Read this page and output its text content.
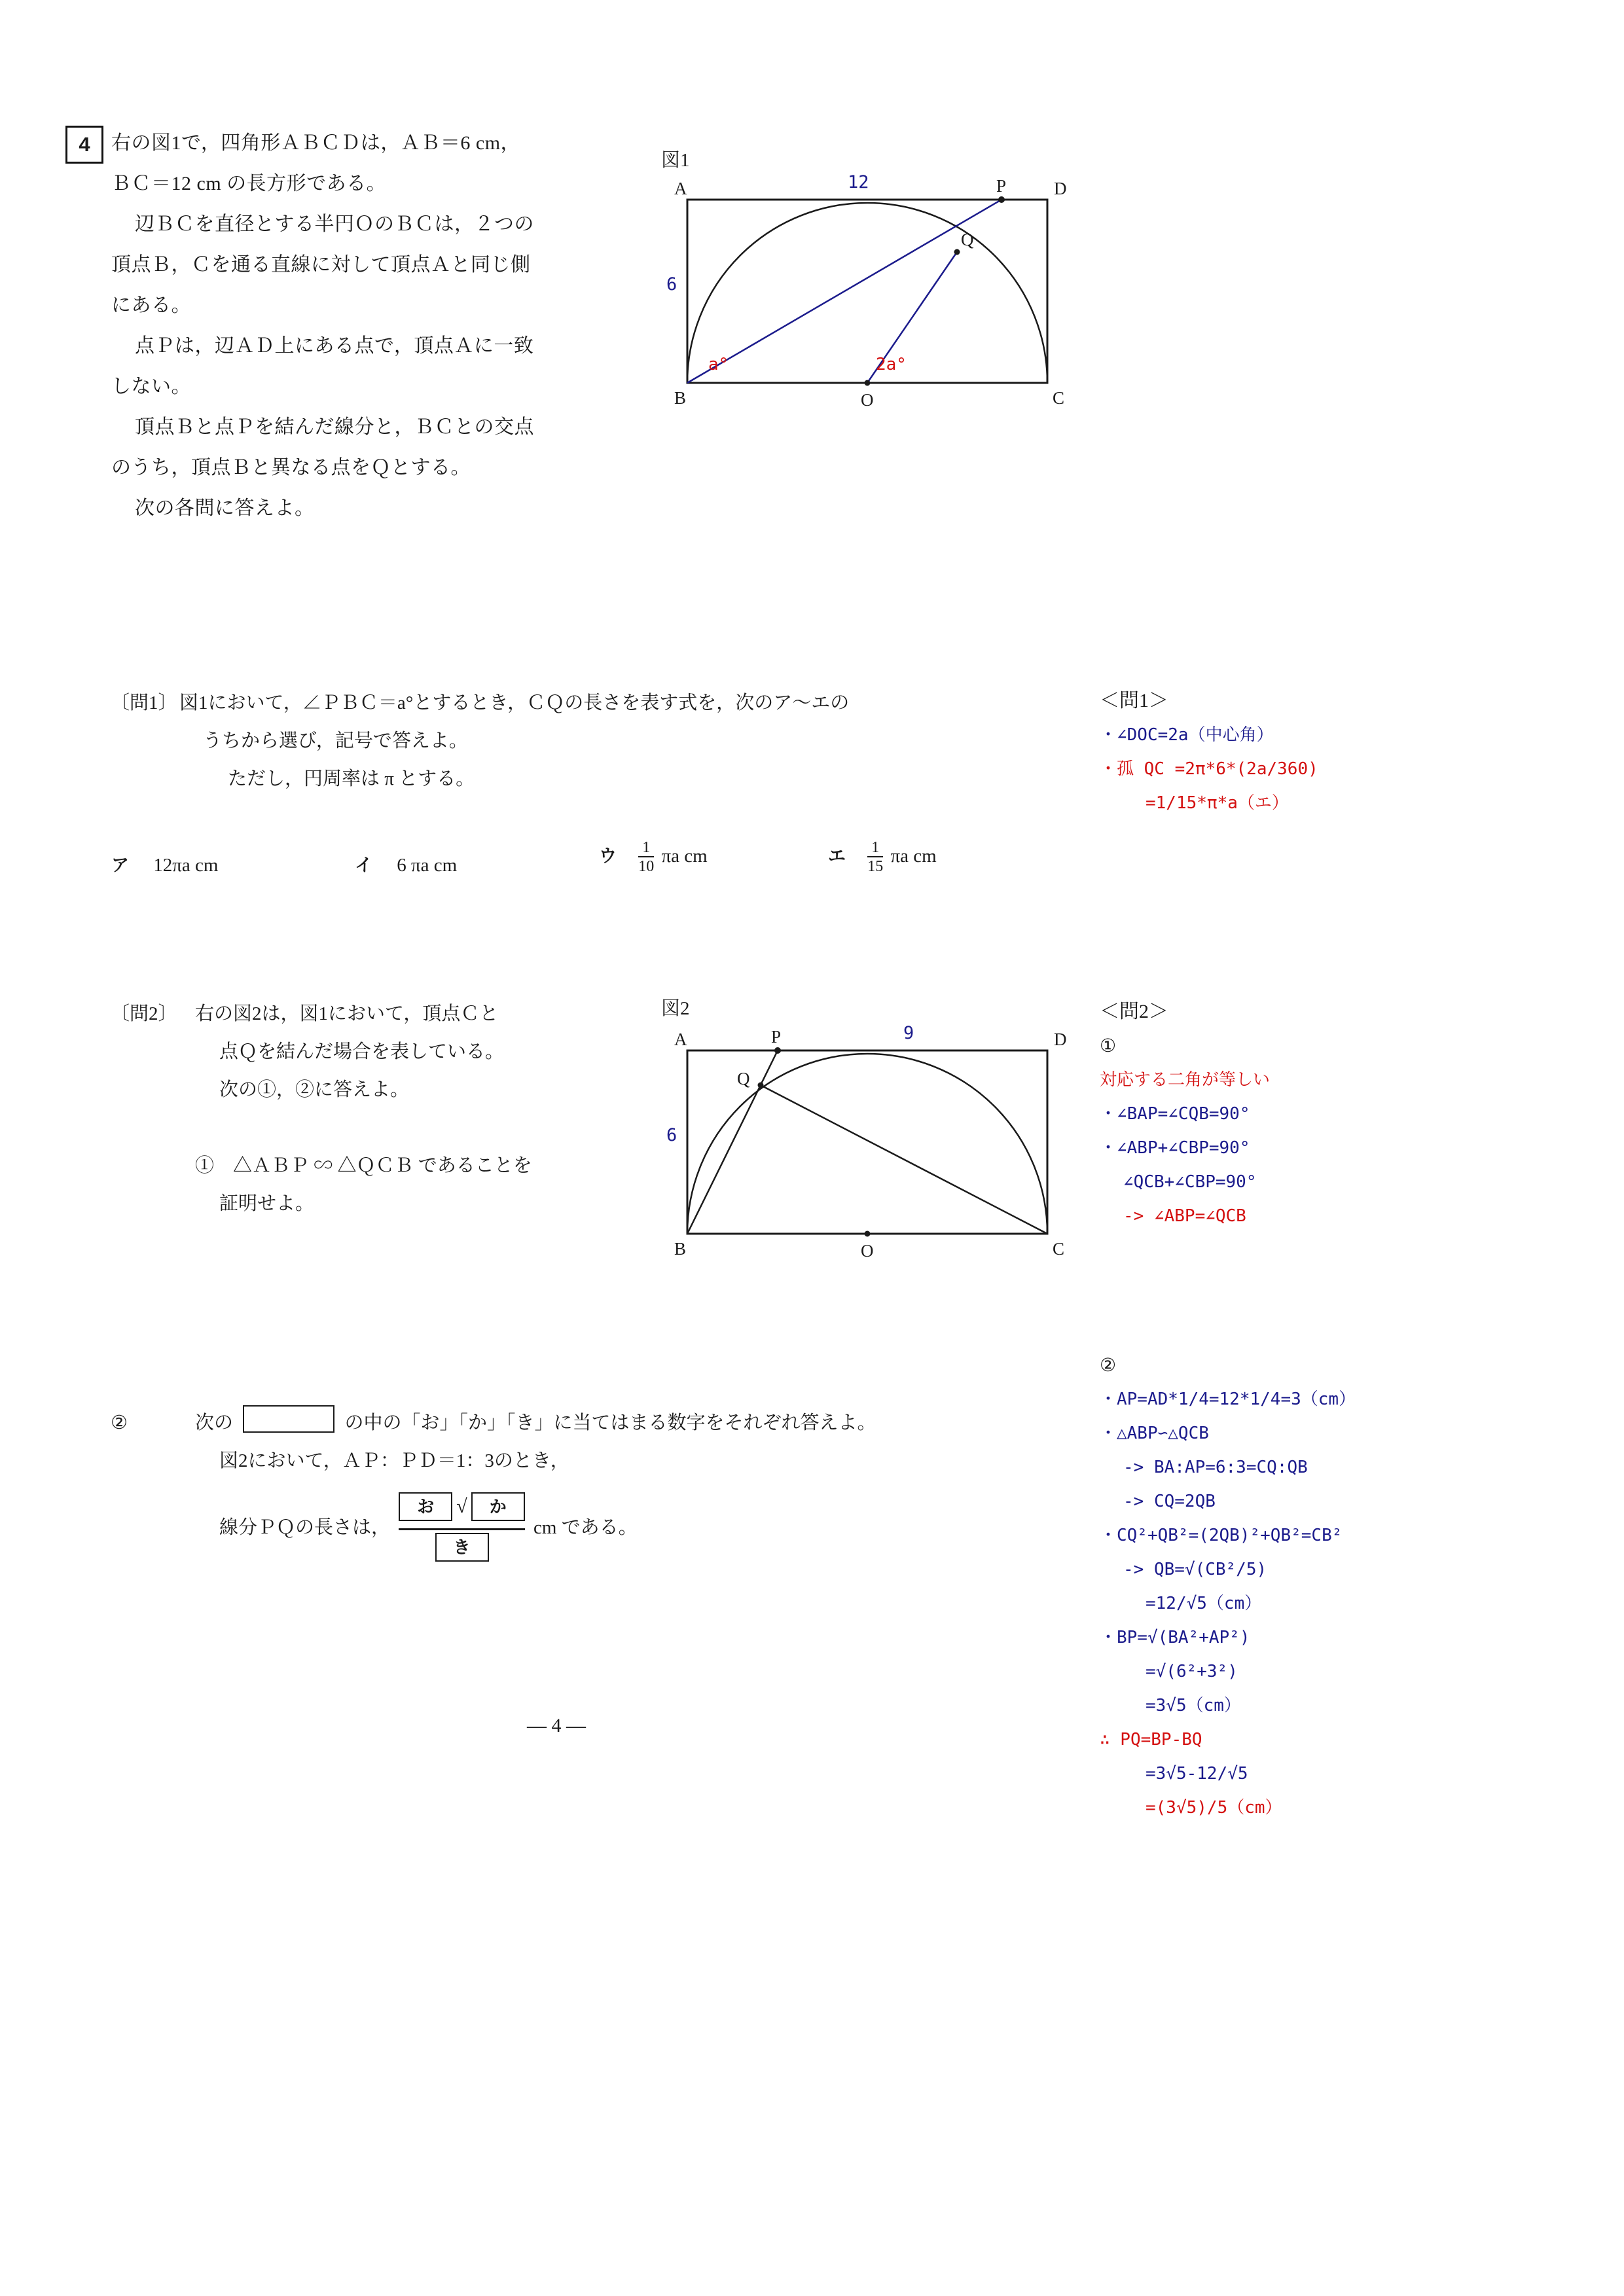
4	右の図1で，四角形ＡＢＣＤは，ＡＢ＝6 cm，

ＢＣ＝12 cm の長方形である。

辺ＢＣを直径とする半円ＯのＢＣは，２つの

頂点Ｂ，Ｃを通る直線に対して頂点Ａと同じ側

にある。

点Ｐは，辺ＡＤ上にある点で，頂点Ａに一致

しない。

頂点Ｂと点Ｐを結んだ線分と，ＢＣとの交点

のうち，頂点Ｂと異なる点をＱとする。

次の各問に答えよ。

図1
A
B	C
D
P
Q
O
12
6
a°	2a°
〔問1〕 図1において，∠ＰＢＣ＝a°とするとき，ＣＱの長さを表す式を，次のア～エの
うちから選び，記号で答えよ。
ただし，円周率は π とする。
ア 12πa cm	イ 6 πa cm	ウ $\frac{1}{10}$ πa cm	エ $\frac{1}{15}$ πa cm
〔問2〕 右の図2は，図1において，頂点Ｃと
点Ｑを結んだ場合を表している。
次の①，②に答えよ。
①　△ＡＢＰ ∽ △ＱＣＢ であることを
証明せよ。
図2
A
B	C
D
P
Q
O
9
6
②	次の	の中の「お」「か」「き」に当てはまる数字をそれぞれ答えよ。
図2において，ＡＰ：ＰＤ＝1：3のとき，
線分ＰＱの長さは，
お	√	か
き
cm である。
― 4 ―
＜問1＞
・∠DOC=2a（中心角）
・孤 QC =2π*6*(2a/360)
=1/15*π*a（エ）
＜問2＞
①
対応する二角が等しい
・∠BAP=∠CQB=90°
・∠ABP+∠CBP=90°
∠QCB+∠CBP=90°
-> ∠ABP=∠QCB
②
・AP=AD*1/4=12*1/4=3（cm）
・△ABP∽△QCB
-> BA:AP=6:3=CQ:QB
-> CQ=2QB
・CQ²+QB²=(2QB)²+QB²=CB²
-> QB=√(CB²/5)
=12/√5（cm）
・BP=√(BA²+AP²)
=√(6²+3²)
=3√5（cm）
∴ PQ=BP-BQ
=3√5-12/√5
=(3√5)/5（cm）
